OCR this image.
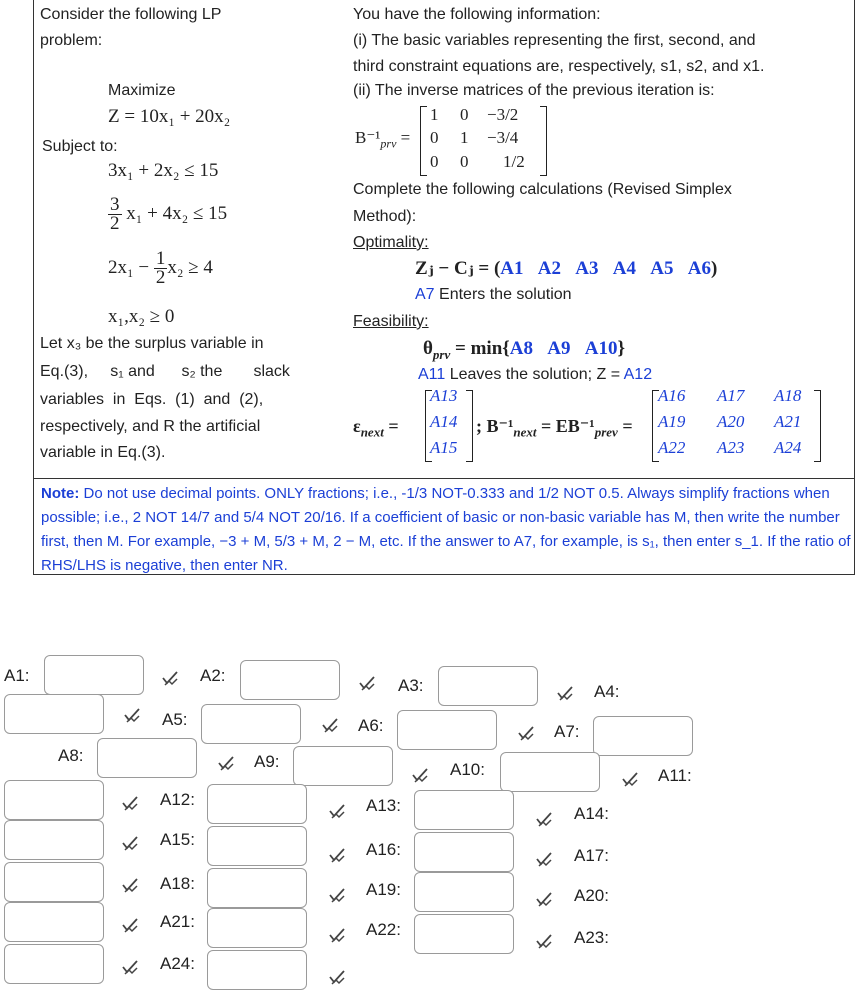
Consider the following LP
problem:
Maximize
Z = 10x₁ + 20x₂
Subject to:
3x₁ + 2x₂ ≤ 15
$\frac{3}{2} x_1 + 4x_2 \le 15$
$2x_1 - \frac{1}{2} x_2 \ge 4$
x₁,x₂ ≥ 0
Let x₃ be the surplus variable in
Eq.(3),     s₁ and      s₂ the       slack
variables  in  Eqs.  (1)  and  (2),
respectively, and R the artificial
variable in Eq.(3).
You have the following information:
(i) The basic variables representing the first, second, and
third constraint equations are, respectively, s1, s2, and x1.
(ii) The inverse matrices of the previous iteration is:
$B^{-1}_{prv}$ =
1 0 −3/2
0 1 −3/4
0 0 1/2
Complete the following calculations (Revised Simplex
Method):
Optimality:
Zⱼ − Cⱼ = (A1 A2 A3 A4 A5 A6)
A7 Enters the solution
Feasibility:
$\theta_{prv} = \min\{A8$ A9 A10}
A11 Leaves the solution; Z = A12
$\varepsilon_{next}$ =
A13
A14
A15
; $B^{-1}_{next} = EB^{-1}_{prev}$ =
A16 A17 A18
A19 A20 A21
A22 A23 A24
Note: Do not use decimal points. ONLY fractions; i.e., -1/3 NOT-0.333 and 1/2 NOT 0.5. Always simplify fractions when possible; i.e., 2 NOT 14/7 and 5/4 NOT 20/16. If a coefficient of basic or non-basic variable has M, then write the number first, then M. For example, −3 + M, 5/3 + M, 2 − M, etc. If the answer to A7, for example, is s₁, then enter s_1. If the ratio of RHS/LHS is negative, then enter NR.
A1:	A2:
A3:	A4:
A5:	A6:	A7:
A8:	A9:	A10:	A11:
A12:	A13:	A14:
A15:
A16:	A17:
A18:	A19:	A20:
A21:	A22:	A23:
A24:
